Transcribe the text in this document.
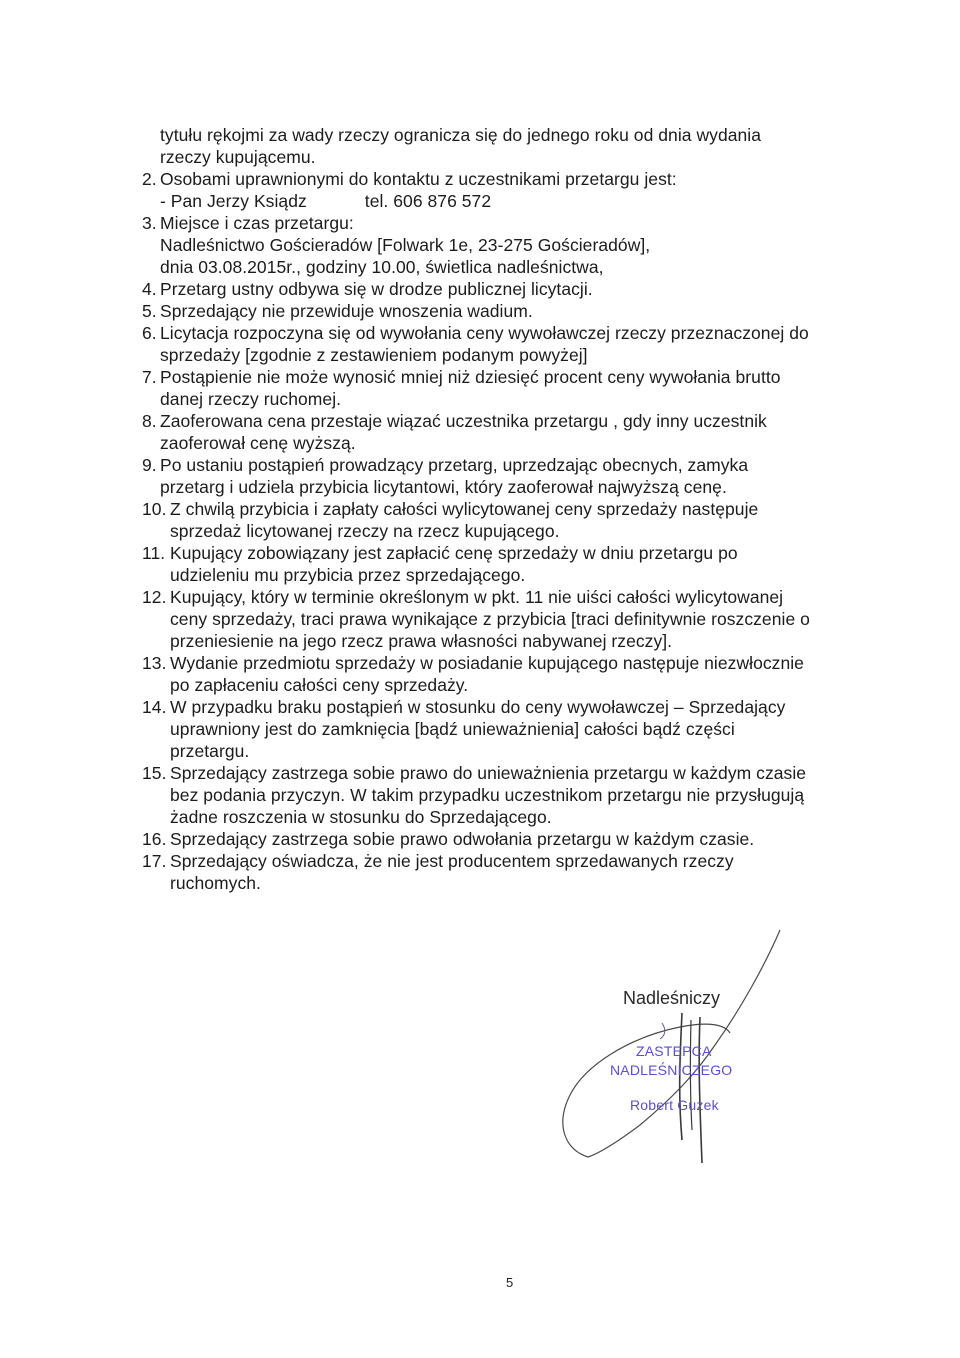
tytułu rękojmi za wady rzeczy ogranicza się do jednego roku od dnia wydania
rzeczy kupującemu.
2. Osobami uprawnionymi do kontaktu z uczestnikami przetargu jest:
- Pan Jerzy Ksiądz	tel. 606 876 572
3. Miejsce i czas przetargu:
Nadleśnictwo Gościeradów [Folwark 1e, 23-275 Gościeradów],
dnia 03.08.2015r., godziny 10.00, świetlica nadleśnictwa,
4. Przetarg ustny odbywa się w drodze publicznej licytacji.
5. Sprzedający nie przewiduje wnoszenia wadium.
6. Licytacja rozpoczyna się od wywołania ceny wywoławczej rzeczy przeznaczonej do
sprzedaży [zgodnie z zestawieniem podanym powyżej]
7. Postąpienie nie może wynosić mniej niż dziesięć procent ceny wywołania brutto
danej rzeczy ruchomej.
8. Zaoferowana cena przestaje wiązać uczestnika przetargu , gdy inny uczestnik
zaoferował cenę wyższą.
9. Po ustaniu postąpień prowadzący przetarg, uprzedzając obecnych, zamyka
przetarg i udziela przybicia licytantowi, który zaoferował najwyższą cenę.
10. Z chwilą przybicia i zapłaty całości wylicytowanej ceny sprzedaży następuje
sprzedaż licytowanej rzeczy na rzecz kupującego.
11. Kupujący zobowiązany jest zapłacić cenę sprzedaży w dniu przetargu po
udzieleniu mu przybicia przez sprzedającego.
12. Kupujący, który w terminie określonym w pkt. 11 nie uiści całości wylicytowanej
ceny sprzedaży, traci prawa wynikające z przybicia [traci definitywnie roszczenie o
przeniesienie na jego rzecz prawa własności nabywanej rzeczy].
13. Wydanie przedmiotu sprzedaży w posiadanie kupującego następuje niezwłocznie
po zapłaceniu całości ceny sprzedaży.
14. W przypadku braku postąpień w stosunku do ceny wywoławczej – Sprzedający
uprawniony jest do zamknięcia [bądź unieważnienia] całości bądź części
przetargu.
15. Sprzedający zastrzega sobie prawo do unieważnienia przetargu w każdym czasie
bez podania przyczyn. W takim przypadku uczestnikom przetargu nie przysługują
żadne roszczenia w stosunku do Sprzedającego.
16. Sprzedający zastrzega sobie prawo odwołania przetargu w każdym czasie.
17. Sprzedający oświadcza, że nie jest producentem sprzedawanych rzeczy
ruchomych.
Nadleśniczy
ZASTĘPCA
NADLEŚNICZEGO
Robert Guzek
5
